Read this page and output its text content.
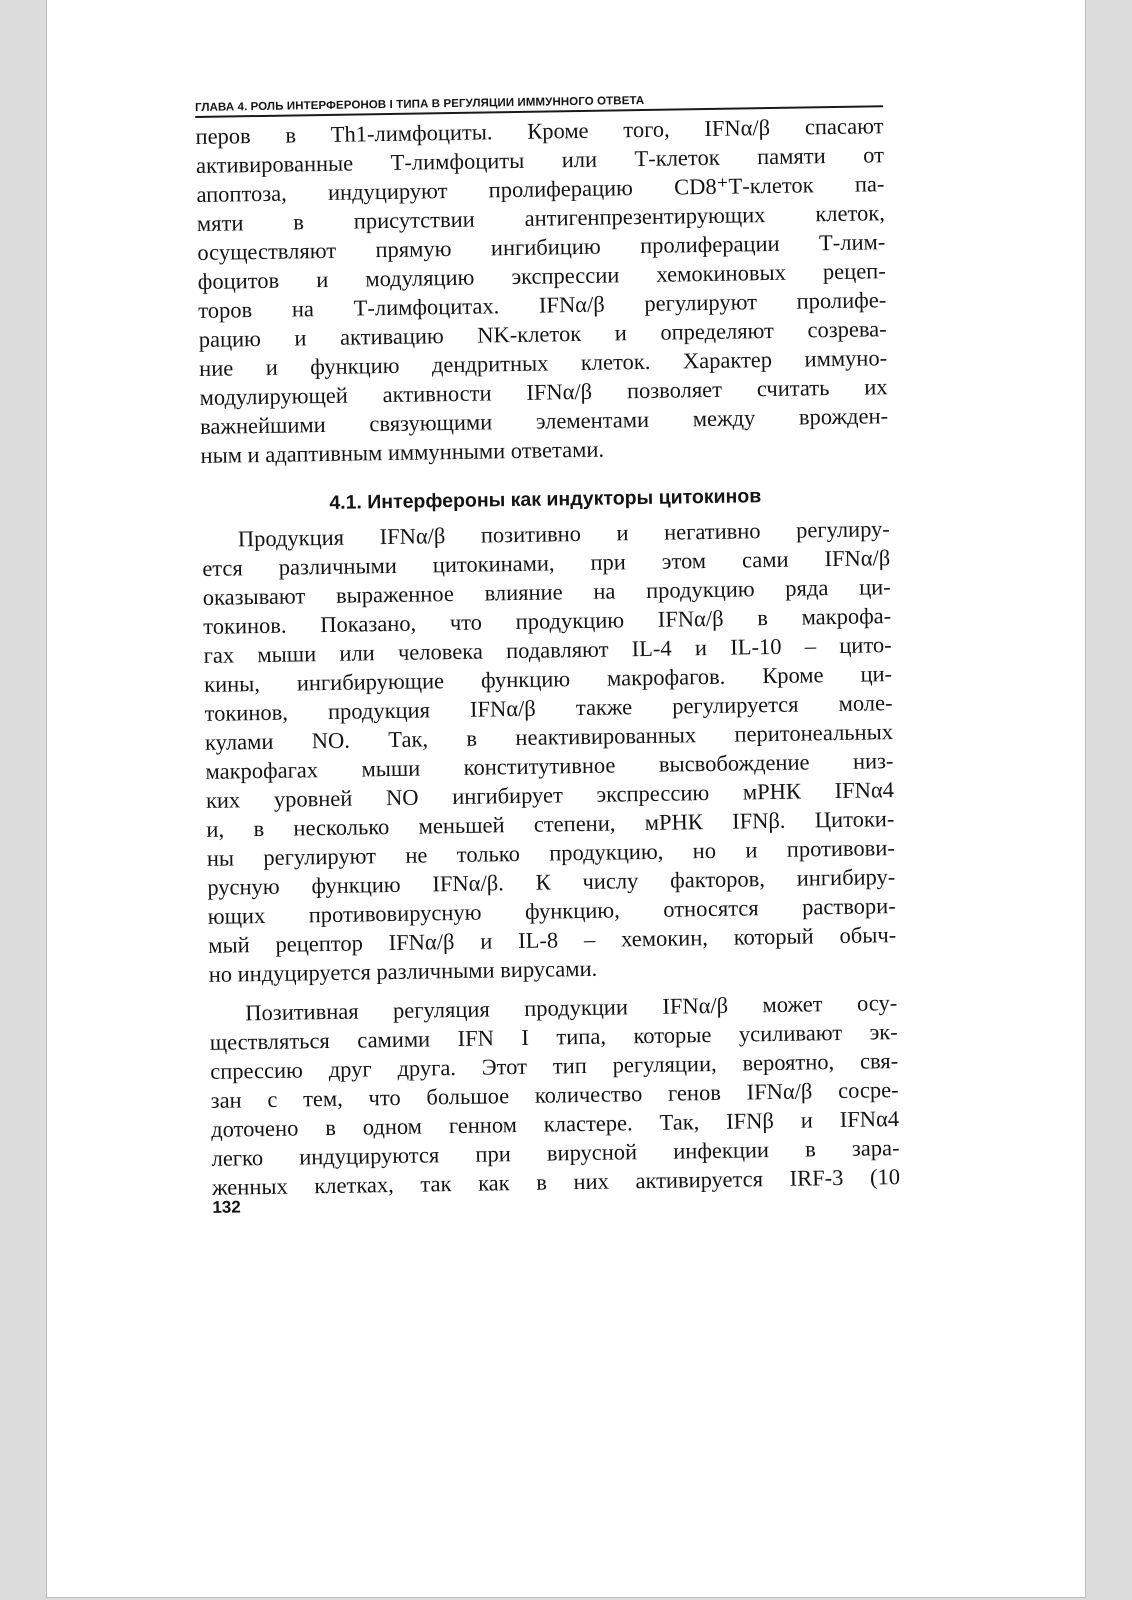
ГЛАВА 4. РОЛЬ ИНТЕРФЕРОНОВ I ТИПА В РЕГУЛЯЦИИ ИММУННОГО ОТВЕТА
перов в Th1-лимфоциты. Кроме того, IFNα/β спасают
активированные Т-лимфоциты или Т-клеток памяти от
апоптоза, индуцируют пролиферацию CD8⁺Т-клеток па-
мяти в присутствии антигенпрезентирующих клеток,
осуществляют прямую ингибицию пролиферации Т-лим-
фоцитов и модуляцию экспрессии хемокиновых рецеп-
торов на Т-лимфоцитах. IFNα/β регулируют пролифе-
рацию и активацию NK-клеток и определяют созрева-
ние и функцию дендритных клеток. Характер иммуно-
модулирующей активности IFNα/β позволяет считать их
важнейшими связующими элементами между врожден-
ным и адаптивным иммунными ответами.
4.1. Интерфероны как индукторы цитокинов
Продукция IFNα/β позитивно и негативно регулиру-
ется различными цитокинами, при этом сами IFNα/β
оказывают выраженное влияние на продукцию ряда ци-
токинов. Показано, что продукцию IFNα/β в макрофа-
гах мыши или человека подавляют IL-4 и IL-10 – цито-
кины, ингибирующие функцию макрофагов. Кроме ци-
токинов, продукция IFNα/β также регулируется моле-
кулами NO. Так, в неактивированных перитонеальных
макрофагах мыши конститутивное высвобождение низ-
ких уровней NO ингибирует экспрессию мРНК IFNα4
и, в несколько меньшей степени, мРНК IFNβ. Цитоки-
ны регулируют не только продукцию, но и противови-
русную функцию IFNα/β. К числу факторов, ингибиру-
ющих противовирусную функцию, относятся раствори-
мый рецептор IFNα/β и IL-8 – хемокин, который обыч-
но индуцируется различными вирусами.
Позитивная регуляция продукции IFNα/β может осу-
ществляться самими IFN I типа, которые усиливают эк-
спрессию друг друга. Этот тип регуляции, вероятно, свя-
зан с тем, что большое количество генов IFNα/β сосре-
доточено в одном генном кластере. Так, IFNβ и IFNα4
легко индуцируются при вирусной инфекции в зара-
женных клетках, так как в них активируется IRF-3 (10
132
